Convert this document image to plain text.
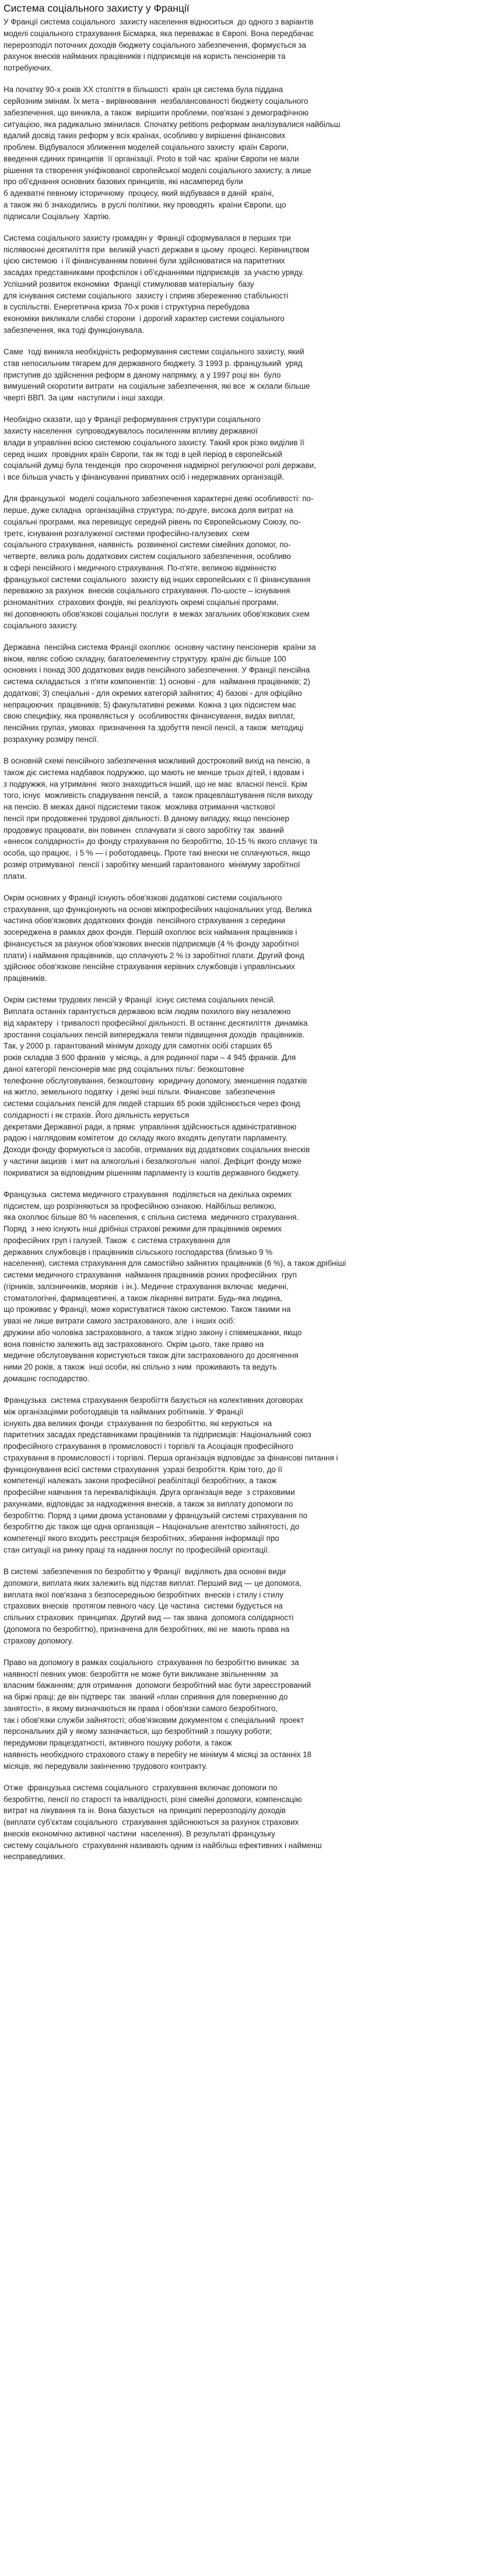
Система соціального захисту у Франції

У Франції система соціального  захисту населення відноситься  до одного з варіантів
моделі соціального страхування Бісмарка, яка переважає в Європі. Вона передбачає
перерозподіл поточних доходів бюджету соціального забезпечення, формується за
рахунок внесків найманих працівників і підприємців на користь пенсіонерів та
потребуючих.

На початку 90-х років ХХ століття в більшості  країн ця система була піддана
серйозним змінам. Їх мета - вирівнювання  незбалансованості бюджету соціального
забезпечення, що виникла, а також  вирішити проблеми, пов'язані з демографічною
ситуацією, яка радикально змінилася. Спочатку petitions реформам аналізувалися найбільш
вдалий досвід таких реформ у всіх країнах, особливо у вирішенні фінансових
проблем. Відбувалося зближення моделей соціального захисту  країн Європи,
введення єдиних принципів  її організації. Proto в той час  країни Європи не мали
рішення та створення уніфікованої європейської моделі соціального захисту, а лише
про об'єднання основних базових принципів, які насамперед були
б адекватні певному історичному  процесу, який відбувався в даній  країні,
а також які б знаходились  в руслі політики, яку проводять  країни Європи, що
підписали Соціальну  Хартію.

Система соціального захисту громадян у  Франції сформувалася в перших три
післявоєнні десятиліття при  великій участі держави в цьому  процесі. Керівництвом
цією системою  і її фінансуванням повинні були здійснюватися на паритетних
засадах представниками профспілок і об'єднаннями підприємців  за участю уряду.
Успішний розвиток економіки  Франції стимулював матеріальну  базу
для існування системи соціального  захисту і сприяв збереженню стабільності
в суспільстві. Енергетична криза 70-х років і структурна перебудова
економіки викликали слабкі сторони  і дорогий характер системи соціального
забезпечення, яка тоді функціонувала.

Саме  тоді виникла необхідність реформування системи соціального захисту, який
став непосильним тягарем для державного бюджету. З 1993 р. французький  уряд
приступив до здійснення реформ в даному напрямку, а у 1997 році він  було
вимушений скоротити витрати  на соціальне забезпечення, які все  ж склали більше
чверті ВВП. За цим  наступили і інші заходи.

Необхідно сказати, що у Франції реформування структури соціального
захисту населення  супроводжувалось посиленням впливу державної
влади в управлінні всією системою соціального захисту. Такий крок різко виділив її
серед інших  провідних країн Європи, так як тоді в цей період в європейській
соціальній думці була тенденція  про скорочення надмірної регулюючої ролі держави,
і все більша участь у фінансуванні приватних осіб і недержавних організацій.

Для французької  моделі соціального забезпечення характерні деякі особливості: по-
перше, дуже складна  організаційна структура; по-друге, висока доля витрат на
соціальні програми, яка перевищує середній рівень по Європейському Союзу, по-
третє, існування розгалуженої системи професійно-галузевих  схем
соціального страхування, наявність  розвиненої системи сімейних допомог, по-
четверте, велика роль додаткових систем соціального забезпечення, особливо
в сфері пенсійного і медичного страхування. По-п'яте, великою відмінністю
французької системи соціального  захисту від інших європейських є її фінансування
переважно за рахунок  внесків соціального страхування. По-шосте – існування
різноманітних  страхових фондів, які реалізують окремі соціальні програми,
які доповнюють обов'язкові соціальні послуги  в межах загальних обов'язкових схем
соціального захисту.

Державна  пенсійна система Франції охоплює  основну частину пенсіонерів  країни за
віком, являє собою складну, багатоелементну структуру. країні діє більше 100
основних і понад 300 додаткових видів пенсійного забезпечення. У Франції пенсійна
система складається  з п'яти компонентів: 1) основні - для  наймання працівників; 2)
додаткові; 3) спеціальні - для окремих категорій зайнятих; 4) базові - для офіційно
непрацюючих  працівників; 5) факультативні режими. Кожна з цих підсистем має
свою специфіку, яка проявляється у  особливостях фінансування, видах виплат,
пенсійних групах, умовах  призначення та здобуття пенсії пенсії, а також  методиці
розрахунку розміру пенсії.

В основній схемі пенсійного забезпечення можливий достроковий вихід на пенсію, а
також діє система надбавок подружжю, що мають не менше трьох дітей, і вдовам і
з подружжя, на утриманні  якого знаходиться інший, що не має  власної пенсії. Крім
того, існує  можливість спадкування пенсій, а  також працевлаштування після виходу
на пенсію. В межах даної підсистеми також  можлива отримання часткової
пенсії при продовженні трудової діяльності. В даному випадку, якщо пенсіонер
продовжує працювати, він повинен  сплачувати зі свого заробітку так  званий
«внесок солідарності» до фонду страхування по безробіттю, 10-15 % якого сплачує та
особа, що працює,  і 5 % — і роботодавець. Проте такі внески не сплачуються, якщо
розмір отримуваної  пенсії і заробітку менший гарантованого  мінімуму заробітної
плати.

Окрім основних у Франції існують обов'язкові додаткові системи соціального
страхування, що функціонують на основі міжпрофесійних національних угод. Велика
частина обов'язкових додаткових фондів  пенсійного страхування з середини
зосереджена в рамках двох фондів. Першій охоплює всіх наймання працівників і
фінансується за рахунок обов'язкових внесків підприємців (4 % фонду заробітної
плати) і наймання працівників, що сплачують 2 % із заробітної плати. Другий фонд
здійснює обов'язкове пенсійне страхування керівних службовців і управлінських
працівників.

Окрім системи трудових пенсій у Франції  існує система соціальних пенсій.
Виплата останніх гарантується державою всім людям похилого віку незалежно
від характеру  і тривалості професійної діяльності. В останнє десятиліття  динаміка
зростання соціальних пенсій випереджала темпи підвищення доходів  працівників.
Так, у 2000 р. гарантований мінімум доходу для самотніх ocібі старших 65
років складав 3 600 франків  у місяць, а для родинної пари – 4 945 франків. Для
даної категорії пенсіонерів має ряд соціальних пільг: безкоштовне
телефонне обслуговування, безкоштовну  юридичну допомогу, зменшення податків
на житло, земельного податку  і деякі інші пільги. Фінансове  забезпечення
системи соціальних пенсій для людей старших 65 років здійснюється через фонд
солідарності і як страхів. Його діяльність керується
декретами Державної ради, а прямє  управління здійснюється адміністративною
радою і наглядовим комітетом  до складу якого входять депутати парламенту.
Доходи фонду формуються із засобів, отриманих від додаткових соціальних внесків
у частини акцизів  і мит на алкогольні і безалкогольні  напої. Дефіцит фонду може
покриватися за відповідним рішенням парламенту із коштів державного бюджету.

Французька  система медичного страхування  поділяється на декілька окремих
підсистем, що розрізняються за професійною ознакою. Найбільш великою,
яка охоплює більше 80 % населення, є спільна система  медичного страхування.
Поряд  з нею існують інші дрібніші страхові режими для працівників окремих
професійних груп і галузей. Також  є система страхування для
державних службовців і працівників сільського господарства (близько 9 %
населення), система страхування для самостійно зайнятих працівників (6 %), а також дрібніші
системи медичного страхування  наймання працівників різних професійних  груп
(гірників, залізничників, моряків  і ін.). Медичне страхування включає  медичні,
стоматологічні, фармацевтичні, а також лікарняні витрати. Будь-яка людина,
що проживає у Франції, може користуватися такою системою. Також такими на
увазі не лише витрати самого застрахованого, але  і інших осіб:
дружини або чоловіка застрахованого, а також згідно закону і співмешканки, якщо
вона повністю залежить від застрахованого. Окрім цього, таке право на
медичне обслуговування користуються також діти застрахованого до досягнення
ними 20 років, а також  інші особи, які спільно з ним  проживають та ведуть
домашнє господарство.

Французька  система страхування безробіття базується на колективних договорах
між організаціями роботодавців та найманих робітників. У Франції
існують два великих фонди  страхування по безробіттю, які керуються  на
паритетних засадах представниками працівників та підприємців: Національний союз
професійного страхування в промисловості і торгівлі та Асоціація професійного
страхування в промисловості і торгівлі. Перша організація відповідає за фінансові питання і
функціонування всієї системи страхування  узразі безробіття. Крім того, до її
компетенції належать закони професійної реабілітації безробітних, а також
професійне навчання та перекваліфікація. Друга організація веде  з страховими
рахунками, відповідає за надходження внесків, а також за виплату допомоги по
безробіттю. Поряд з цими двома установами у французькій системі страхування по
безробіттю діє також ще одна організація – Національне агентство зайнятості, до
компетенції якого входить реєстрація безробітних, збирання інформації про
стан ситуації на ринку праці та надання послуг по професійній орієнтації.

В системі  забезпечення по безробіттю у Франції  виділяють два основні види
допомоги, виплата яких залежить від підстав виплат. Перший вид — це допомога,
виплата якої пов'язана з безпосередньою безробітних  внесків і стилу і стилу
страхових внесків  протягом певного часу. Це частина  системи будується на
спільних страхових  принципах. Другий вид — так звана  допомога солідарності
(допомога по безробіттю), призначена для безробітних, які не  мають права на
страхову допомогу.

Право на допомогу в рамках соціального  страхування по безробіттю виникає  за
наявності певних умов: безробіття не може бути викликане звільненням  за
власним бажанням; для отримання  допомоги безробітний має бути зареєстрований
на біржі праці; де він підтверє так  званий «план сприяння для поверненню до
занятості», в якому визначаються як права і обов'язки самого безробітного,
так і обов'язки служби зайнятості; обов'язковим документом є спеціальний  проект
персональних дій у якому зазначається, що безробітний з пошуку роботи;
передумови працездатності, активного пошуку роботи, а також
наявність необхідного страхового стажу в перебігу не мінімум 4 місяці за останніх 18
місяців, які передували закінченню трудового контракту.

Отже  французька система соціального  страхування включає допомоги по
безробіттю, пенсії по старості та інвалідності, різні сімейні допомоги, компенсацію
витрат на лікування та ін. Вона базується  на принципі перерозподілу доходів
(виплати суб'єктам соціального  страхування здійснюються за рахунок страхових
внесків економічно активної частини  населення). В результаті французьку
систему соціального  страхування називають одним із найбільш ефективних і найменш
несправедливих.
